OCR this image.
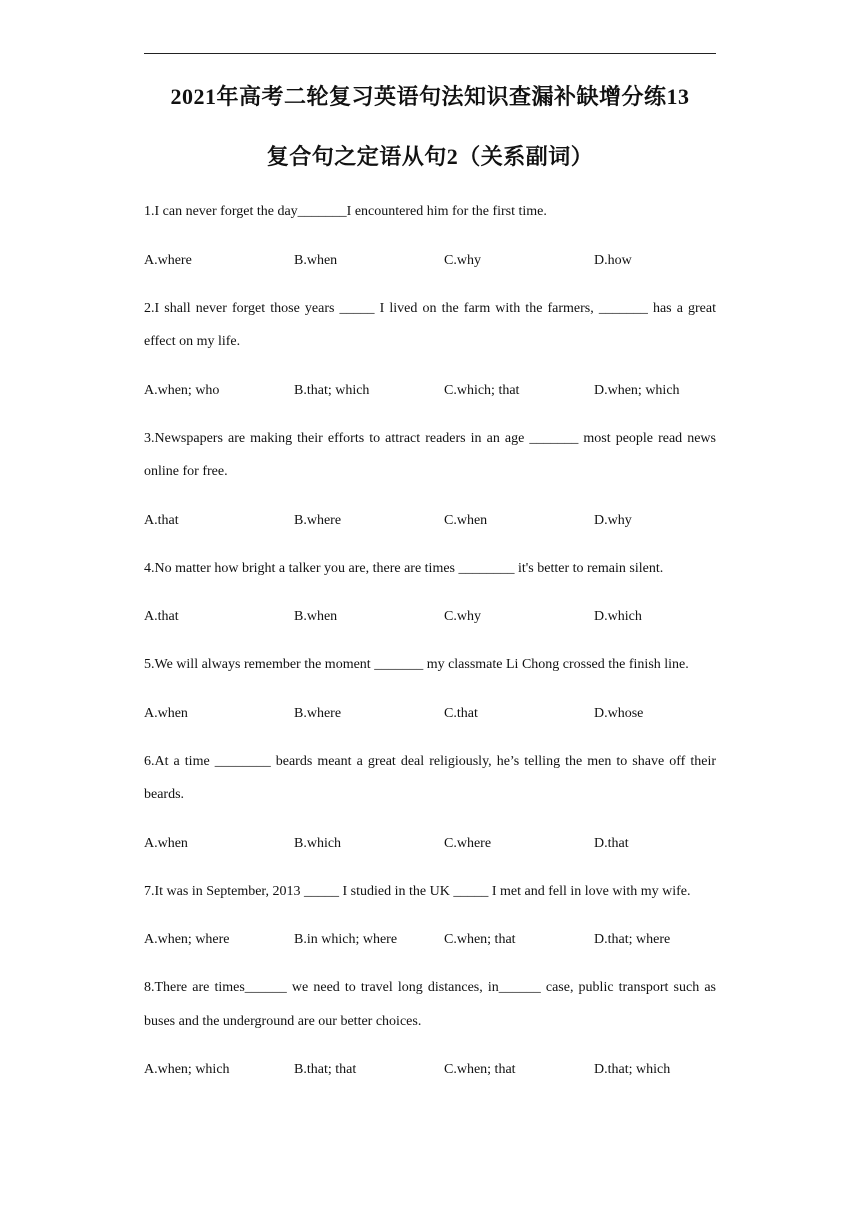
2021年高考二轮复习英语句法知识查漏补缺增分练13
复合句之定语从句2（关系副词）

1.I can never forget the day_______I encountered him for the first time.

A.where	B.when	C.why	D.how

2.I shall never forget those years _____ I lived on the farm with the farmers, _______ has a great effect on my life.

A.when; who	B.that; which	C.which; that	D.when; which

3.Newspapers are making their efforts to attract readers in an age _______ most people read news online for free.

A.that	B.where	C.when	D.why

4.No matter how bright a talker you are, there are times ________ it's better to remain silent.

A.that	B.when	C.why	D.which

5.We will always remember the moment _______ my classmate Li Chong crossed the finish line.

A.when	B.where	C.that	D.whose

6.At a time ________ beards meant a great deal religiously, he’s telling the men to shave off their beards.

A.when	B.which	C.where	D.that

7.It was in September, 2013 _____ I studied in the UK _____ I met and fell in love with my wife.

A.when; where	B.in which; where	C.when; that	D.that; where

8.There are times______ we need to travel long distances, in______ case, public transport such as buses and the underground are our better choices.

A.when; which	B.that; that	C.when; that	D.that; which
